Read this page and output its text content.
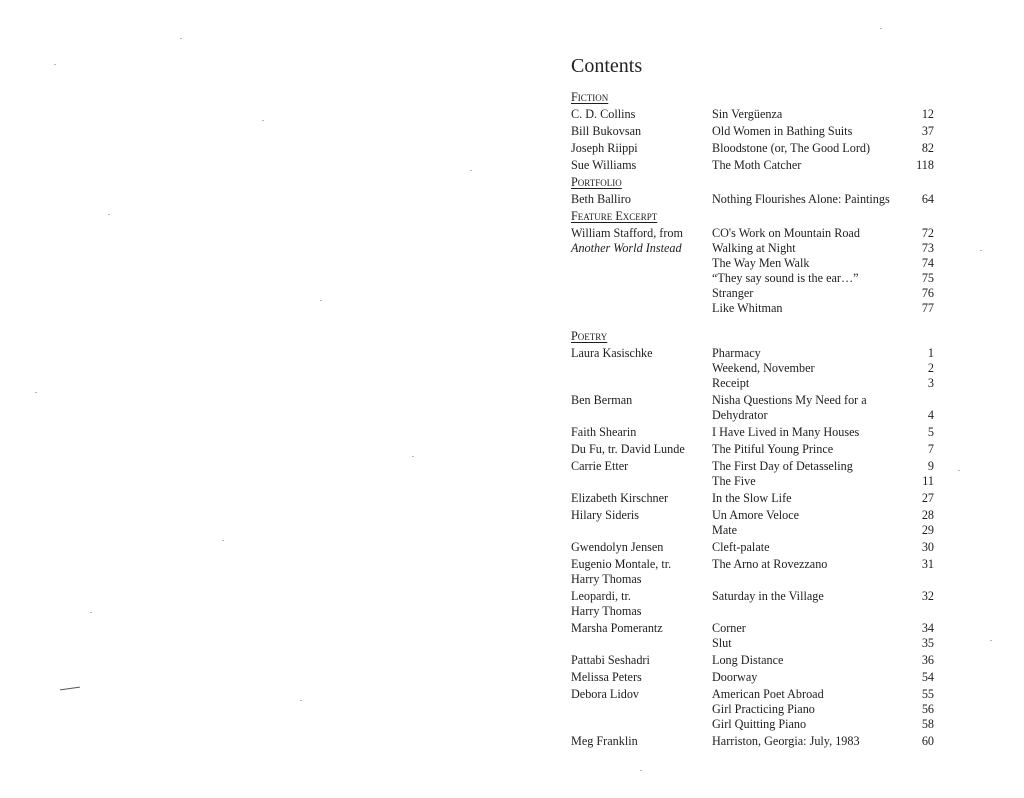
Contents
Fiction
C. D. Collins	Sin Vergüenza	12
Bill Bukovsan	Old Women in Bathing Suits	37
Joseph Riippi	Bloodstone (or, The Good Lord)	82
Sue Williams	The Moth Catcher	118
Portfolio
Beth Balliro	Nothing Flourishes Alone: Paintings	64
Feature Excerpt
William Stafford, from
Another World Instead
CO's Work on Mountain Road	72
Walking at Night	73
The Way Men Walk	74
“They say sound is the ear…”	75
Stranger	76
Like Whitman	77
Poetry
Laura Kasischke	Pharmacy	1
Weekend, November	2
Receipt	3
Ben Berman	Nisha Questions My Need for a
Dehydrator	4
Faith Shearin	I Have Lived in Many Houses	5
Du Fu, tr. David Lunde	The Pitiful Young Prince	7
Carrie Etter	The First Day of Detasseling	9
The Five	11
Elizabeth Kirschner	In the Slow Life	27
Hilary Sideris	Un Amore Veloce	28
Mate	29
Gwendolyn Jensen	Cleft-palate	30
Eugenio Montale, tr.
Harry Thomas
The Arno at Rovezzano	31
Leopardi, tr.
Harry Thomas
Saturday in the Village	32
Marsha Pomerantz	Corner	34
Slut	35
Pattabi Seshadri	Long Distance	36
Melissa Peters	Doorway	54
Debora Lidov	American Poet Abroad	55
Girl Practicing Piano	56
Girl Quitting Piano	58
Meg Franklin	Harriston, Georgia: July, 1983	60
